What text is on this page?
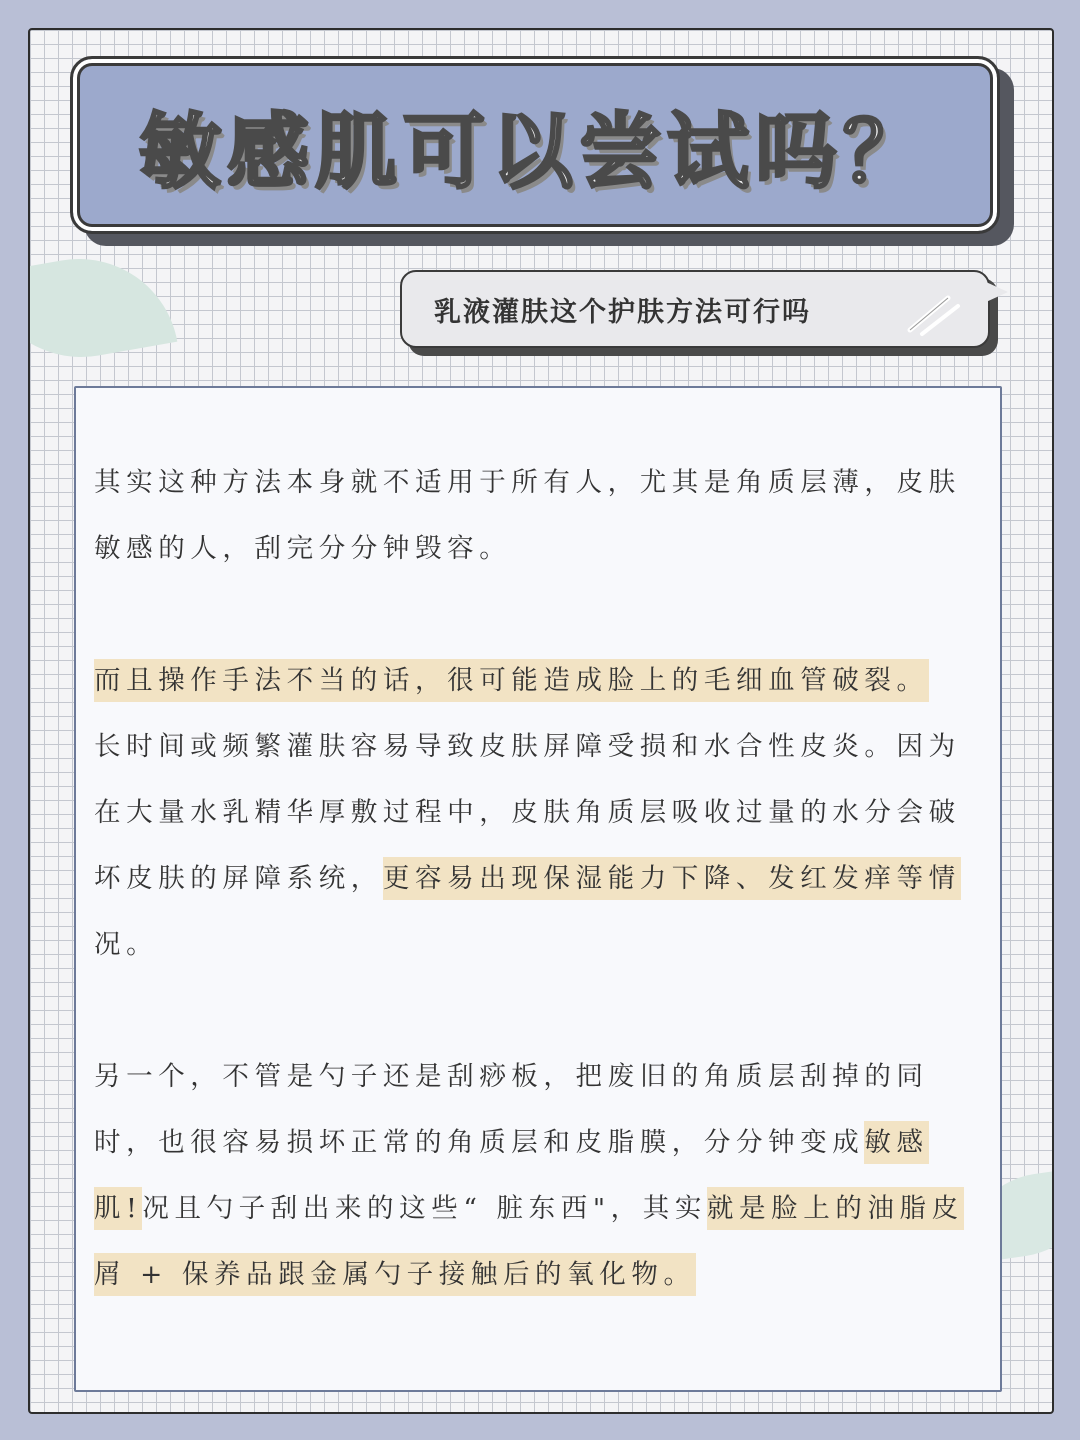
敏感肌可以尝试吗？
乳液灌肤这个护肤方法可行吗
其实这种方法本身就不适用于所有人，尤其是角质层薄，皮肤敏感的人，刮完分分钟毁容。
而且操作手法不当的话，很可能造成脸上的毛细血管破裂。
长时间或频繁灌肤容易导致皮肤屏障受损和水合性皮炎。因为在大量水乳精华厚敷过程中，皮肤角质层吸收过量的水分会破坏皮肤的屏障系统，更容易出现保湿能力下降、发红发痒等情况。
另一个，不管是勺子还是刮痧板，把废旧的角质层刮掉的同时，也很容易损坏正常的角质层和皮脂膜，分分钟变成敏感肌!况且勺子刮出来的这些“ 脏东西"，其实就是脸上的油脂皮屑 + 保养品跟金属勺子接触后的氧化物。
